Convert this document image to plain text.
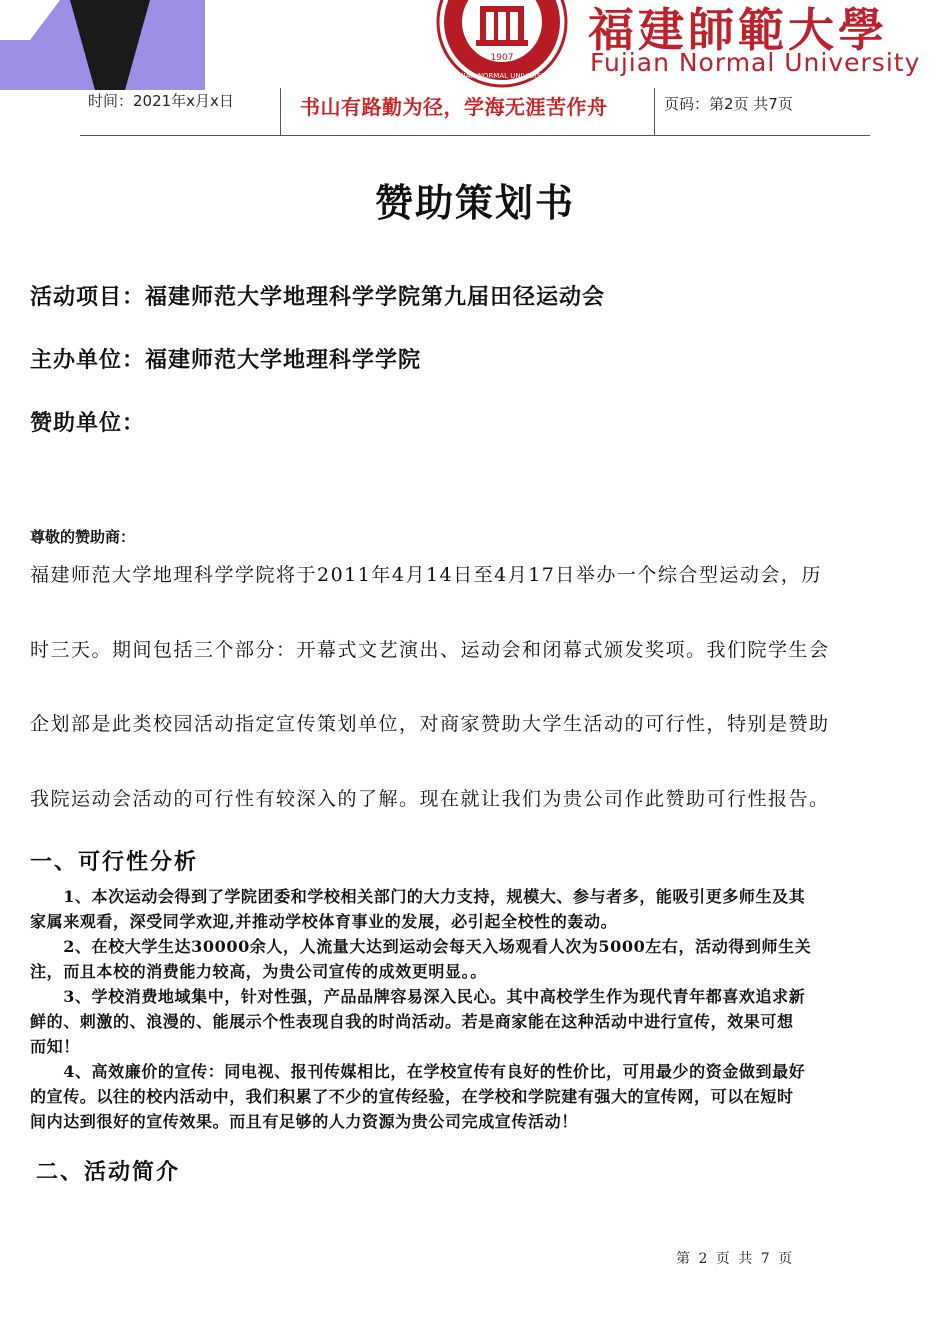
1907
FUJIAN NORMAL UNIVERSITY
福建師範大學
Fujian Normal University
时间：2021年x月x日	书山有路勤为径，学海无涯苦作舟	页码：第2页 共7页
赞助策划书
活动项目：福建师范大学地理科学学院第九届田径运动会
主办单位：福建师范大学地理科学学院
赞助单位：
尊敬的赞助商：
福建师范大学地理科学学院将于2011年4月14日至4月17日举办一个综合型运动会，历
时三天。期间包括三个部分：开幕式文艺演出、运动会和闭幕式颁发奖项。我们院学生会
企划部是此类校园活动指定宣传策划单位，对商家赞助大学生活动的可行性，特别是赞助
我院运动会活动的可行性有较深入的了解。现在就让我们为贵公司作此赞助可行性报告。
一、可行性分析
　　1、本次运动会得到了学院团委和学校相关部门的大力支持，规模大、参与者多，能吸引更多师生及其
家属来观看，深受同学欢迎,并推动学校体育事业的发展，必引起全校性的轰动。
　　2、在校大学生达30000余人，人流量大达到运动会每天入场观看人次为5000左右，活动得到师生关
注，而且本校的消费能力较高，为贵公司宣传的成效更明显。。
　　3、学校消费地域集中，针对性强，产品品牌容易深入民心。其中高校学生作为现代青年都喜欢追求新
鲜的、刺激的、浪漫的、能展示个性表现自我的时尚活动。若是商家能在这种活动中进行宣传，效果可想
而知！
　　4、高效廉价的宣传：同电视、报刊传媒相比，在学校宣传有良好的性价比，可用最少的资金做到最好
的宣传。以往的校内活动中，我们积累了不少的宣传经验，在学校和学院建有强大的宣传网，可以在短时
间内达到很好的宣传效果。而且有足够的人力资源为贵公司完成宣传活动！
二、活动简介
第 2 页 共 7 页
